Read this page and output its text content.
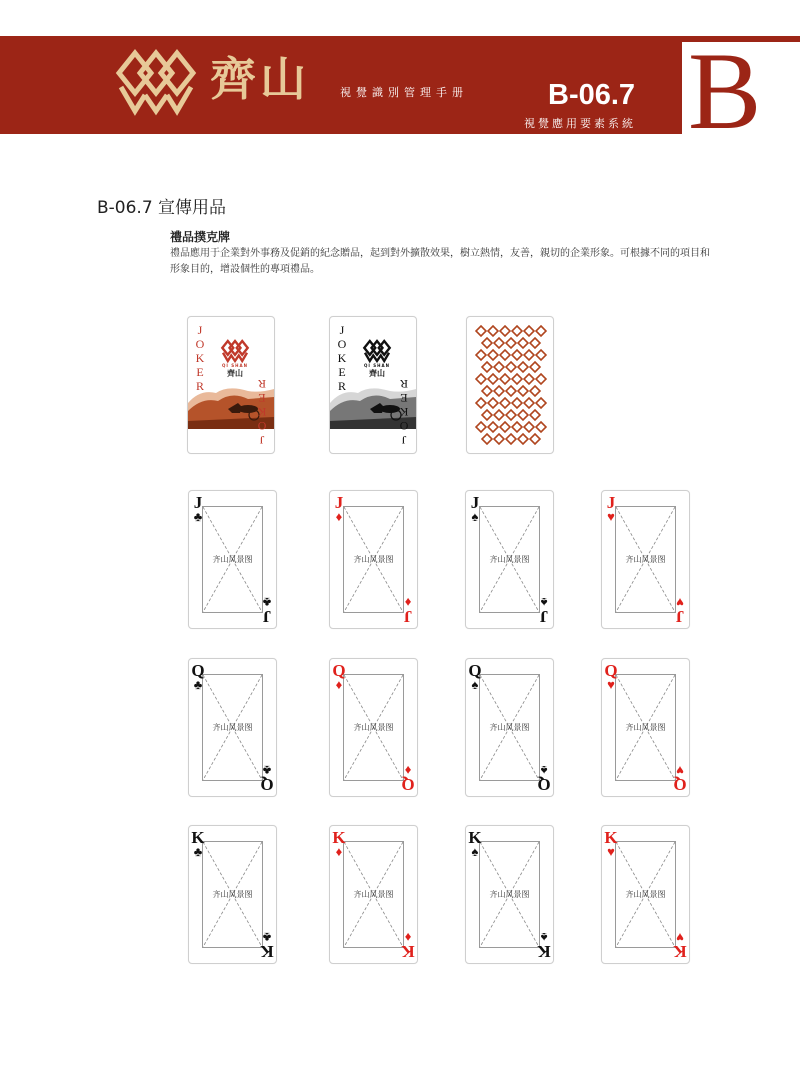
齊山	視覺識別管理手册	B-06.7
視覺應用要素系統 B
B-06.7 宣傳用品
禮品撲克牌
禮品應用于企業對外事務及促銷的紀念贈品，起到對外擴散效果，樹立熱情，友善，親切的企業形象。可根據不同的項目和形象目的，增設個性的專項禮品。
JOKER	QI SHAN
齊山
JOKER
JOKER	QI SHAN
齊山
JOKER
齐山风景图
J
♣
J
♣
齐山风景图
J
♦
J
♦
齐山风景图
J
♠
J
♠
齐山风景图
J
♥
J
♥
齐山风景图
Q
♣
Q
♣
齐山风景图
Q
♦
Q
♦
齐山风景图
Q
♠
Q
♠
齐山风景图
Q
♥
Q
♥
齐山风景图
K
♣
K
♣
齐山风景图
K
♦
K
♦
齐山风景图
K
♠
K
♠
齐山风景图
K
♥
K
♥
